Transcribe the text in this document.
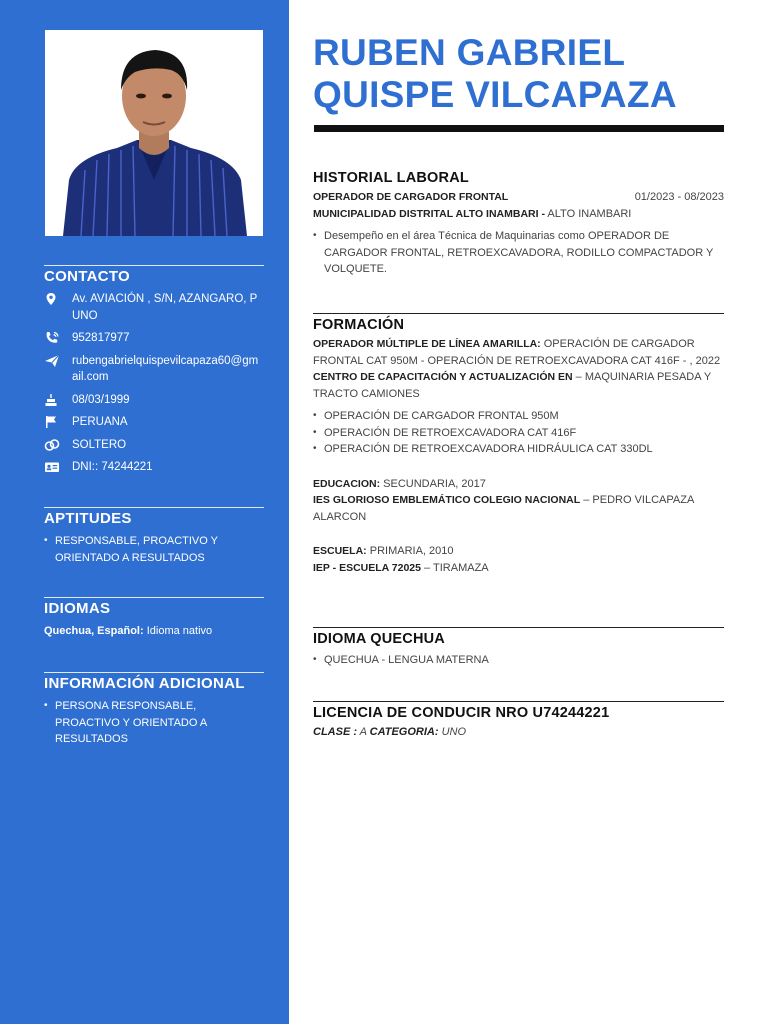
CONTACTO
Av. AVIACIÓN , S/N, AZANGARO, PUNO
952817977
rubengabrielquispevilcapaza60@gmail.com
08/03/1999
PERUANA
SOLTERO
DNI:: 74244221
APTITUDES
• RESPONSABLE, PROACTIVO Y ORIENTADO A RESULTADOS
IDIOMAS
Quechua, Español: Idioma nativo
INFORMACIÓN ADICIONAL
• PERSONA RESPONSABLE, PROACTIVO Y ORIENTADO A RESULTADOS
RUBEN GABRIEL
QUISPE VILCAPAZA
HISTORIAL LABORAL
OPERADOR DE CARGADOR FRONTAL	01/2023 - 08/2023
MUNICIPALIDAD DISTRITAL ALTO INAMBARI - ALTO INAMBARI
• Desempeño en el área Técnica de Maquinarias como OPERADOR DE CARGADOR FRONTAL, RETROEXCAVADORA, RODILLO COMPACTADOR Y VOLQUETE.
FORMACIÓN
OPERADOR MÚLTIPLE DE LÍNEA AMARILLA: OPERACIÓN DE CARGADOR FRONTAL CAT 950M - OPERACIÓN DE RETROEXCAVADORA CAT 416F - , 2022
CENTRO DE CAPACITACIÓN Y ACTUALIZACIÓN EN – MAQUINARIA PESADA Y TRACTO CAMIONES
• OPERACIÓN DE CARGADOR FRONTAL 950M
• OPERACIÓN DE RETROEXCAVADORA CAT 416F
• OPERACIÓN DE RETROEXCAVADORA HIDRÁULICA CAT 330DL
EDUCACION: SECUNDARIA, 2017
IES GLORIOSO EMBLEMÁTICO COLEGIO NACIONAL – PEDRO VILCAPAZA ALARCON
ESCUELA: PRIMARIA, 2010
IEP - ESCUELA 72025 – TIRAMAZA
IDIOMA QUECHUA
• QUECHUA - LENGUA MATERNA
LICENCIA DE CONDUCIR NRO U74244221
CLASE : A CATEGORIA: UNO
